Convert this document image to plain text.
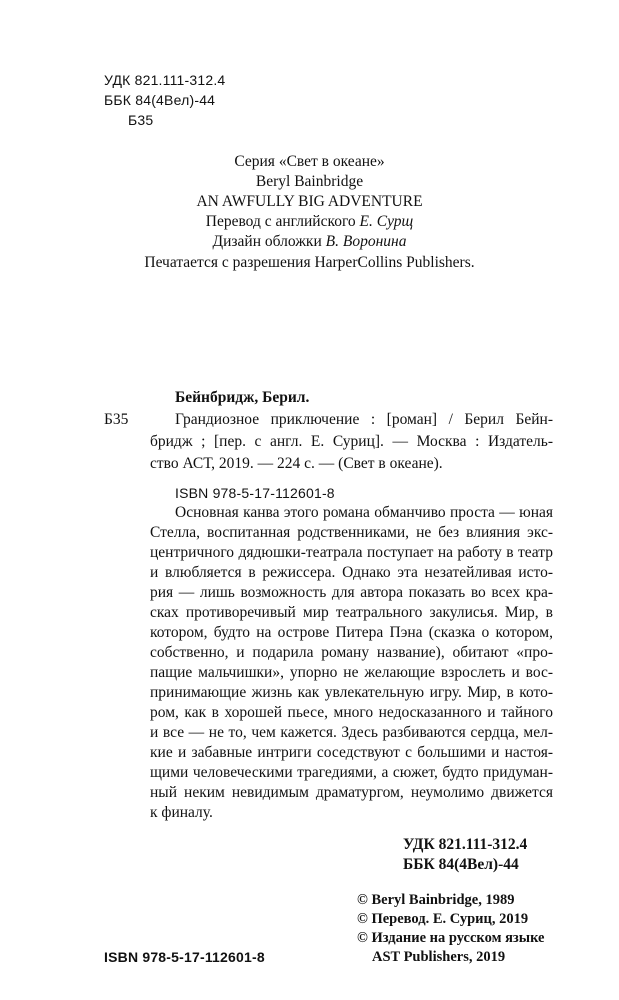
УДК 821.111-312.4
ББК 84(4Вел)-44
Б35
Серия «Свет в океане»
Beryl Bainbridge
AN AWFULLY BIG ADVENTURE
Перевод с английского Е. Сурщ
Дизайн обложки В. Воронина
Печатается с разрешения HarperCollins Publishers.
Бейнбридж, Берил.
Б35	Грандиозное приключение : [роман] / Берил Бейн-
бридж ; [пер. с англ. Е. Суриц]. — Москва : Издатель-
ство АСТ, 2019. — 224 с. — (Свет в океане).
ISBN 978-5-17-112601-8
Основная канва этого романа обманчиво проста — юная
Стелла, воспитанная родственниками, не без влияния экс-
центричного дядюшки-театрала поступает на работу в театр
и влюбляется в режиссера. Однако эта незатейливая исто-
рия — лишь возможность для автора показать во всех кра-
сках противоречивый мир театрального закулисья. Мир, в
котором, будто на острове Питера Пэна (сказка о котором,
собственно, и подарила роману название), обитают «про-
пащие мальчишки», упорно не желающие взрослеть и вос-
принимающие жизнь как увлекательную игру. Мир, в кото-
ром, как в хорошей пьесе, много недосказанного и тайного
и все — не то, чем кажется. Здесь разбиваются сердца, мел-
кие и забавные интриги соседствуют с большими и настоя-
щими человеческими трагедиями, а сюжет, будто придуман-
ный неким невидимым драматургом, неумолимо движется
к финалу.
УДК 821.111-312.4
ББК 84(4Вел)-44
© Beryl Bainbridge, 1989
© Перевод. Е. Суриц, 2019
© Издание на русском языке
AST Publishers, 2019
ISBN 978-5-17-112601-8
